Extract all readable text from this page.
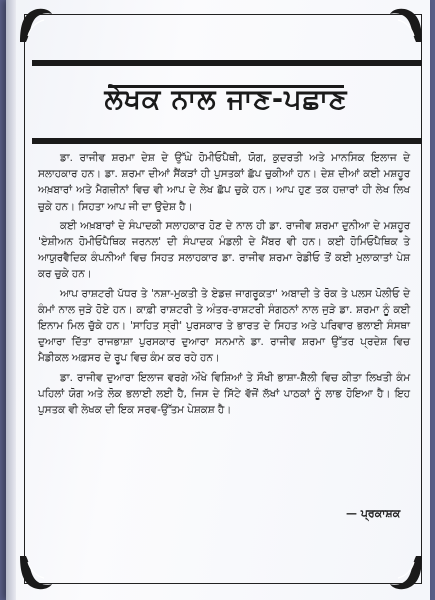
ਲੇਖਕ ਨਾਲ ਜਾਣ-ਪਛਾਣ

ਡਾ. ਰਾਜੀਵ ਸ਼ਰਮਾ ਦੇਸ਼ ਦੇ ਉੱਘੇ ਹੋਮੀਓਪੈਥੀ, ਯੋਗ, ਕੁਦਰਤੀ ਅਤੇ ਮਾਨਸਿਕ ਇਲਾਜ ਦੇ ਸਲਾਹਕਾਰ ਹਨ। ਡਾ. ਸ਼ਰਮਾ ਦੀਆਂ ਸੈਂਕੜਾਂ ਹੀ ਪੁਸਤਕਾਂ ਛੱਪ ਚੁਕੀਆਂ ਹਨ। ਦੇਸ਼ ਦੀਆਂ ਕਈ ਮਸ਼ਹੂਰ ਅਖ਼ਬਾਰਾਂ ਅਤੇ ਮੈਗਜ਼ੀਨਾਂ ਵਿਚ ਵੀ ਆਪ ਦੇ ਲੇਖ ਛੱਪ ਚੁਕੇ ਹਨ। ਆਪ ਹੁਣ ਤਕ ਹਜ਼ਾਰਾਂ ਹੀ ਲੇਖ ਲਿਖ ਚੁਕੇ ਹਨ। ਸਿਹਤਾ ਆਪ ਜੀ ਦਾ ਉਦੇਸ਼ ਹੈ।

ਕਈ ਅਖ਼ਬਾਰਾਂ ਦੇ ਸੰਪਾਦਕੀ ਸਲਾਹਕਾਰ ਹੋਣ ਦੇ ਨਾਲ ਹੀ ਡਾ. ਰਾਜੀਵ ਸ਼ਰਮਾ ਦੁਨੀਆ ਦੇ ਮਸ਼ਹੂਰ 'ਏਸ਼ੀਅਨ ਹੋਮੀਓਪੈਥਿਕ ਜਰਨਲ' ਦੀ ਸੰਪਾਦਕ ਮੰਡਲੀ ਦੇ ਮੈਂਬਰ ਵੀ ਹਨ। ਕਈ ਹੋਮਿਓਪੈਥਿਕ ਤੇ ਆਯੁਰਵੈਦਿਕ ਕੰਪਨੀਆਂ ਵਿਚ ਸਿਹਤ ਸਲਾਹਕਾਰ ਡਾ. ਰਾਜੀਵ ਸ਼ਰਮਾ ਰੇਡੀਓ ਤੋਂ ਕਈ ਮੁਲਾਕਾਤਾਂ ਪੇਸ਼ ਕਰ ਚੁਕੇ ਹਨ।

ਆਪ ਰਾਸ਼ਟਰੀ ਪੱਧਰ ਤੇ 'ਨਸ਼ਾ-ਮੁਕਤੀ ਤੇ ਏਡਜ਼ ਜਾਗਰੂਕਤਾ' ਅਬਾਦੀ ਤੇ ਰੋਕ ਤੇ ਪਲਸ ਪੋਲੀਓ ਦੇ ਕੰਮਾਂ ਨਾਲ ਜੁੜੇ ਹੋਏ ਹਨ। ਕਾਫ਼ੀ ਰਾਸ਼ਟਰੀ ਤੇ ਅੰਤਰ-ਰਾਸ਼ਟਰੀ ਸੰਗਠਨਾਂ ਨਾਲ ਜੁੜੇ ਡਾ. ਸ਼ਰਮਾ ਨੂੰ ਕਈ ਇਨਾਮ ਮਿਲ ਚੁੱਕੇ ਹਨ। 'ਸਾਹਿਤ ਸ੍ਰੀ' ਪੁਰਸਕਾਰ ਤੇ ਭਾਰਤ ਦੇ ਸਿਹਤ ਅਤੇ ਪਰਿਵਾਰ ਭਲਾਈ ਸੰਸਥਾ ਦੁਆਰਾ ਦਿੱਤਾ ਰਾਜਭਾਸ਼ਾ ਪੁਰਸਕਾਰ ਦੁਆਰਾ ਸਨਮਾਨੇ ਡਾ. ਰਾਜੀਵ ਸ਼ਰਮਾ ਉੱਤਰ ਪ੍ਰਦੇਸ਼ ਵਿਚ ਮੈਡੀਕਲ ਅਫ਼ਸਰ ਦੇ ਰੂਪ ਵਿਚ ਕੰਮ ਕਰ ਰਹੇ ਹਨ।

ਡਾ. ਰਾਜੀਵ ਦੁਆਰਾ ਇਲਾਜ ਵਰਗੇ ਔਖੇ ਵਿਸ਼ਿਆਂ ਤੇ ਸੌਖੀ ਭਾਸ਼ਾ-ਸ਼ੈਲੀ ਵਿਚ ਕੀਤਾ ਲਿਖਤੀ ਕੰਮ ਪਹਿਲਾਂ ਯੋਗ ਅਤੇ ਲੋਕ ਭਲਾਈ ਲਈ ਹੈ, ਜਿਸ ਦੇ ਸਿੱਟੇ ਵੱਜੋਂ ਲੱਖਾਂ ਪਾਠਕਾਂ ਨੂੰ ਲਾਭ ਹੋਇਆ ਹੈ। ਇਹ ਪੁਸਤਕ ਵੀ ਲੇਖਕ ਦੀ ਇਕ ਸਰਵ-ਉੱਤਮ ਪੇਸ਼ਕਸ਼ ਹੈ।

— ਪ੍ਰਕਾਸ਼ਕ
